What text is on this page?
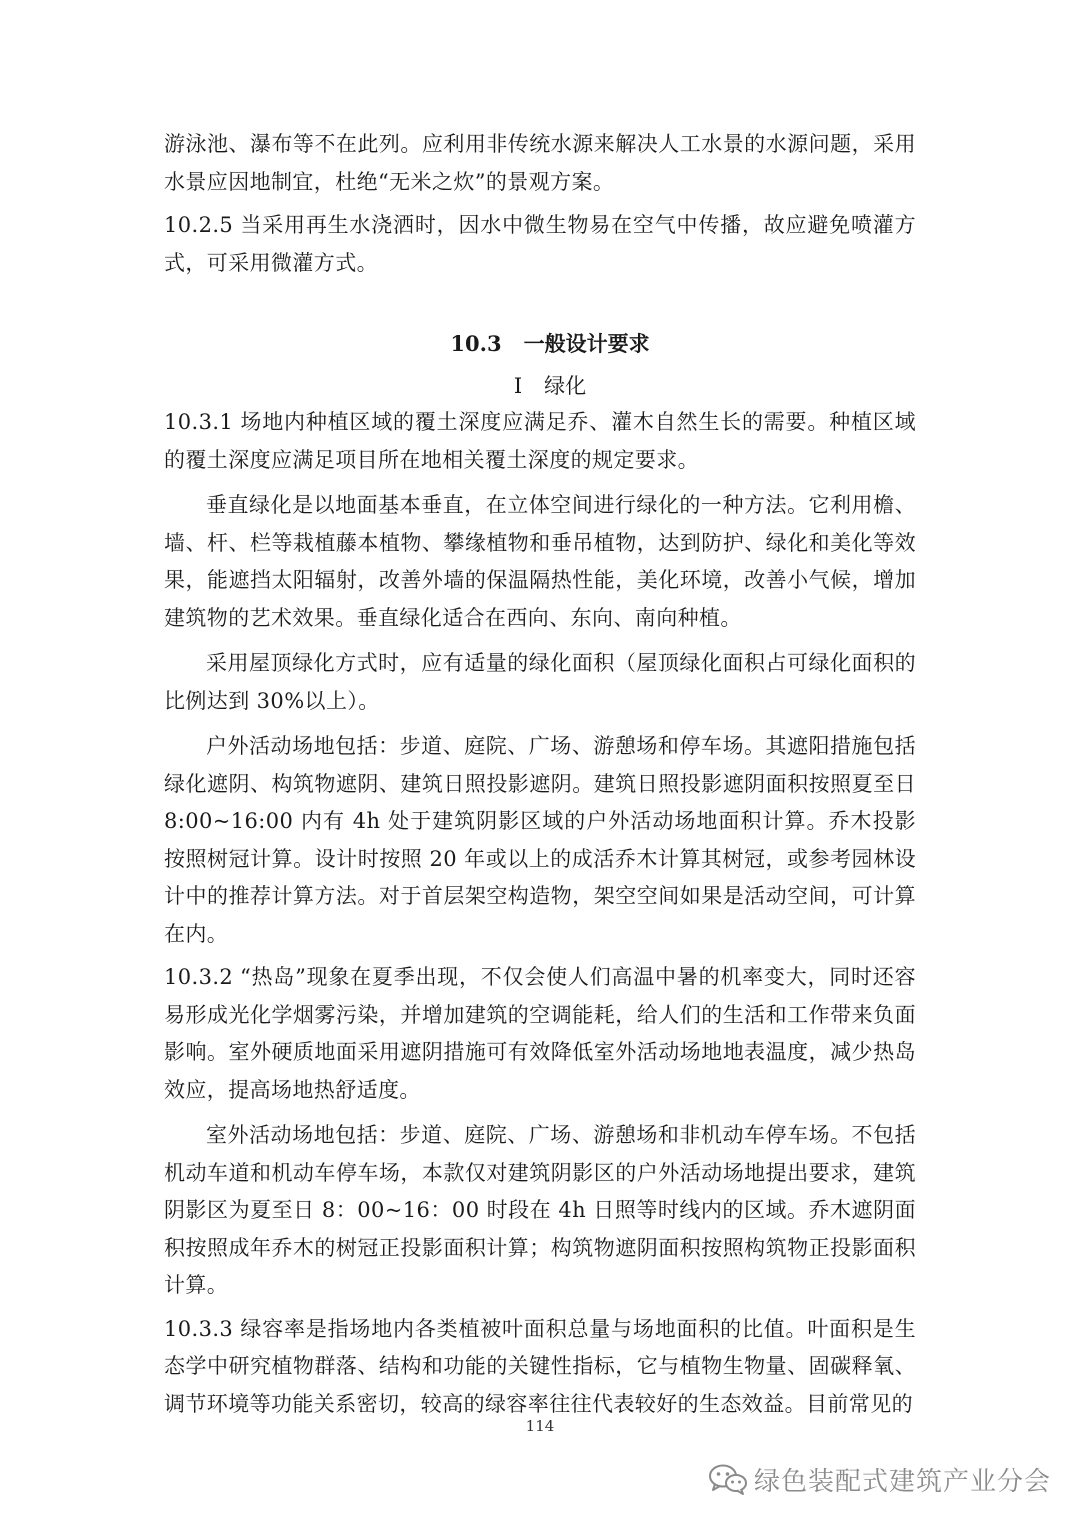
游泳池、瀑布等不在此列。应利用非传统水源来解决人工水景的水源问题，采用水景应因地制宜，杜绝“无米之炊”的景观方案。

10.2.5 当采用再生水浇洒时，因水中微生物易在空气中传播，故应避免喷灌方式，可采用微灌方式。

10.3 一般设计要求
Ⅰ 绿化

10.3.1 场地内种植区域的覆土深度应满足乔、灌木自然生长的需要。种植区域的覆土深度应满足项目所在地相关覆土深度的规定要求。

垂直绿化是以地面基本垂直，在立体空间进行绿化的一种方法。它利用檐、墙、杆、栏等栽植藤本植物、攀缘植物和垂吊植物，达到防护、绿化和美化等效果，能遮挡太阳辐射，改善外墙的保温隔热性能，美化环境，改善小气候，增加建筑物的艺术效果。垂直绿化适合在西向、东向、南向种植。

采用屋顶绿化方式时，应有适量的绿化面积（屋顶绿化面积占可绿化面积的比例达到 30%以上）。

户外活动场地包括：步道、庭院、广场、游憩场和停车场。其遮阳措施包括绿化遮阴、构筑物遮阴、建筑日照投影遮阴。建筑日照投影遮阴面积按照夏至日 8:00~16:00 内有 4h 处于建筑阴影区域的户外活动场地面积计算。乔木投影按照树冠计算。设计时按照 20 年或以上的成活乔木计算其树冠，或参考园林设计中的推荐计算方法。对于首层架空构造物，架空空间如果是活动空间，可计算在内。

10.3.2 “热岛”现象在夏季出现，不仅会使人们高温中暑的机率变大，同时还容易形成光化学烟雾污染，并增加建筑的空调能耗，给人们的生活和工作带来负面影响。室外硬质地面采用遮阴措施可有效降低室外活动场地地表温度，减少热岛效应，提高场地热舒适度。

室外活动场地包括：步道、庭院、广场、游憩场和非机动车停车场。不包括机动车道和机动车停车场，本款仅对建筑阴影区的户外活动场地提出要求，建筑阴影区为夏至日 8：00~16：00 时段在 4h 日照等时线内的区域。乔木遮阴面积按照成年乔木的树冠正投影面积计算；构筑物遮阴面积按照构筑物正投影面积计算。

10.3.3 绿容率是指场地内各类植被叶面积总量与场地面积的比值。叶面积是生态学中研究植物群落、结构和功能的关键性指标，它与植物生物量、固碳释氧、调节环境等功能关系密切，较高的绿容率往往代表较好的生态效益。目前常见的

114
绿色装配式建筑产业分会
